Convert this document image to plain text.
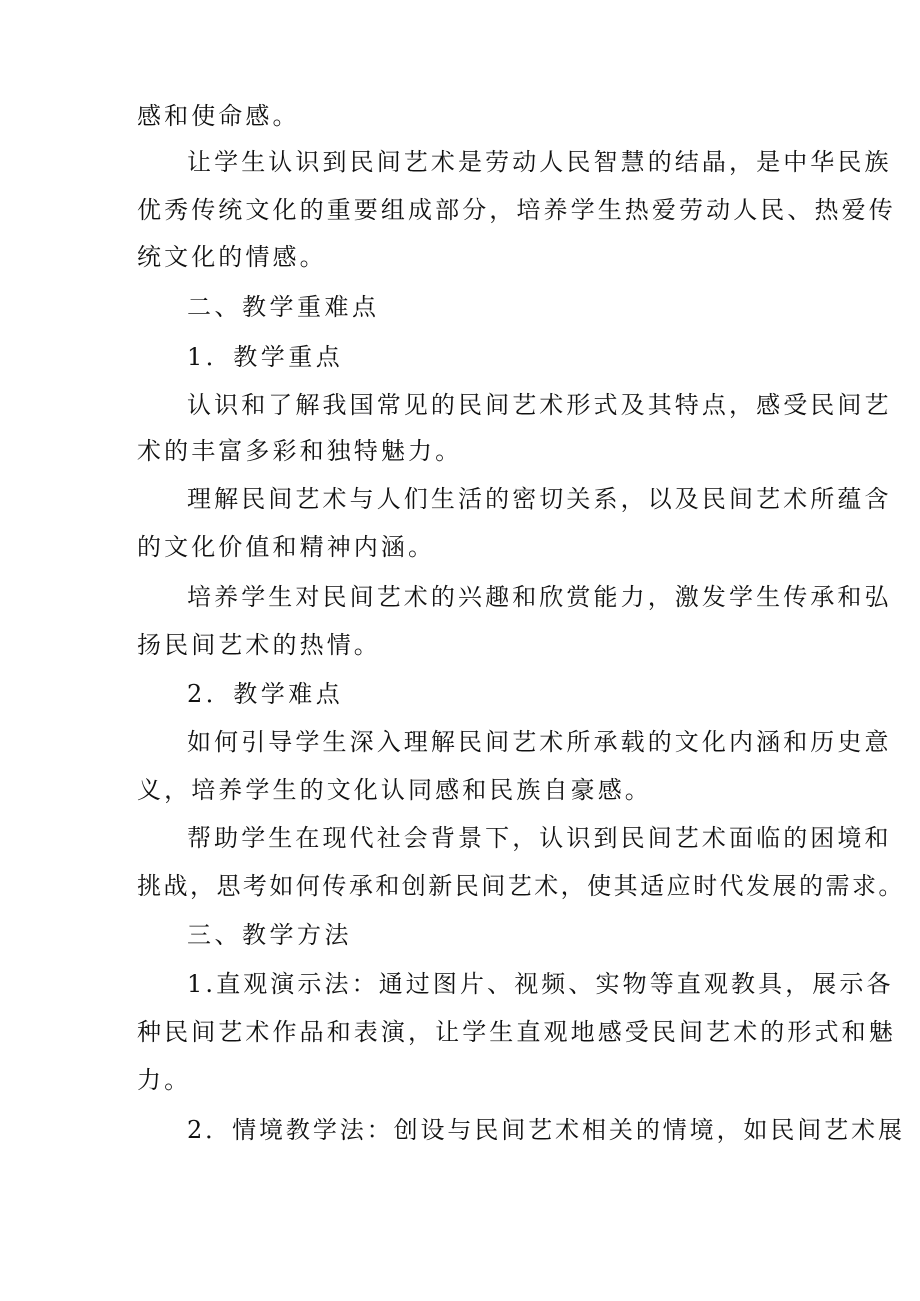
感和使命感。
让学生认识到民间艺术是劳动人民智慧的结晶，是中华民族
优秀传统文化的重要组成部分，培养学生热爱劳动人民、热爱传
统文化的情感。
二、教学重难点
1．教学重点
认识和了解我国常见的民间艺术形式及其特点，感受民间艺
术的丰富多彩和独特魅力。
理解民间艺术与人们生活的密切关系，以及民间艺术所蕴含
的文化价值和精神内涵。
培养学生对民间艺术的兴趣和欣赏能力，激发学生传承和弘
扬民间艺术的热情。
2．教学难点
如何引导学生深入理解民间艺术所承载的文化内涵和历史意
义，培养学生的文化认同感和民族自豪感。
帮助学生在现代社会背景下，认识到民间艺术面临的困境和
挑战，思考如何传承和创新民间艺术，使其适应时代发展的需求。
三、教学方法
1.直观演示法：通过图片、视频、实物等直观教具，展示各
种民间艺术作品和表演，让学生直观地感受民间艺术的形式和魅
力。
2．情境教学法：创设与民间艺术相关的情境，如民间艺术展
